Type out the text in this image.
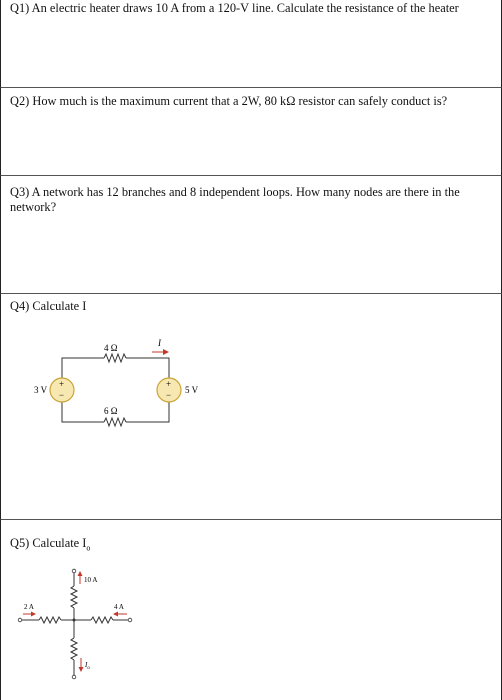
Q1) An electric heater draws 10 A from a 120-V line. Calculate the resistance of the heater
Q2) How much is the maximum current that a 2W, 80 kΩ resistor can safely conduct is?
Q3) A network has 12 branches and 8 independent loops. How many nodes are there in the network?
Q4) Calculate I
4 Ω
6 Ω
I
+
−
3 V
+
− 5 V
Q5) Calculate $I_o$
10 A
2 A	4 A
$I_o$
